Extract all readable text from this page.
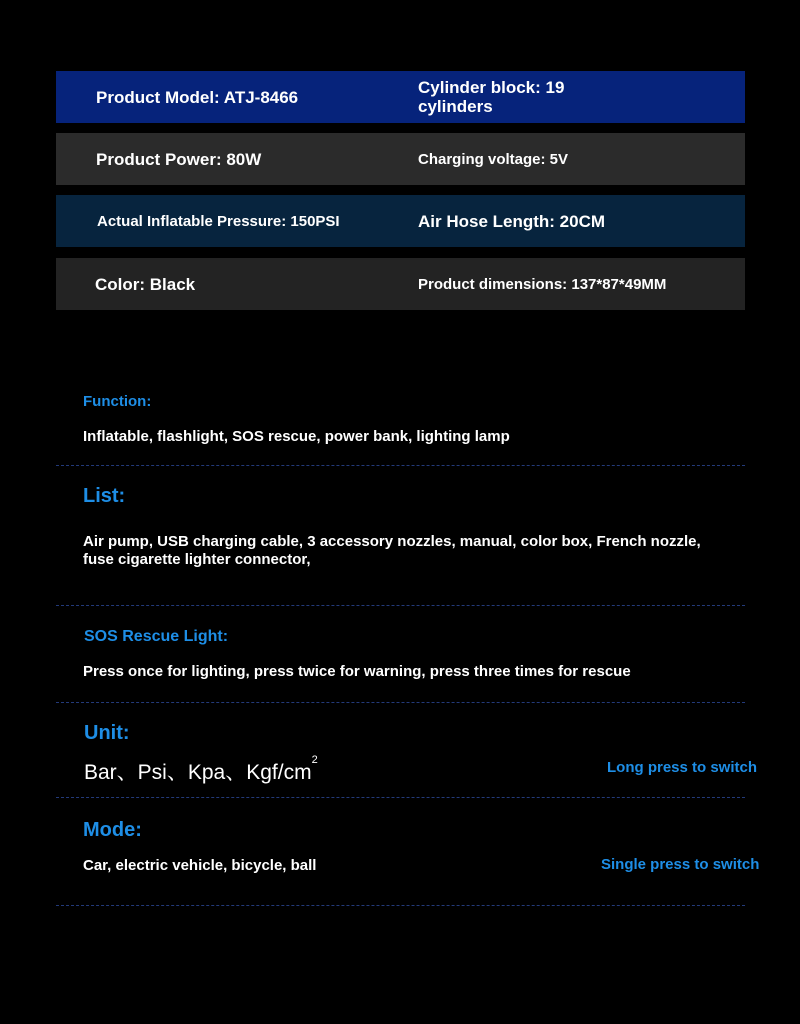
Product Model: ATJ-8466	Cylinder block: 19 cylinders
Product Power: 80W	Charging voltage: 5V
Actual Inflatable Pressure: 150PSI	Air Hose Length: 20CM
Color: Black	Product dimensions: 137*87*49MM
Function:
Inflatable, flashlight, SOS rescue, power bank, lighting lamp
List:
Air pump, USB charging cable, 3 accessory nozzles, manual, color box, French nozzle, fuse cigarette lighter connector,
SOS Rescue Light:
Press once for lighting, press twice for warning, press three times for rescue
Unit:
Bar、Psi、Kpa、Kgf/$cm^2$	Long press to switch
Mode:
Car, electric vehicle, bicycle, ball	Single press to switch
